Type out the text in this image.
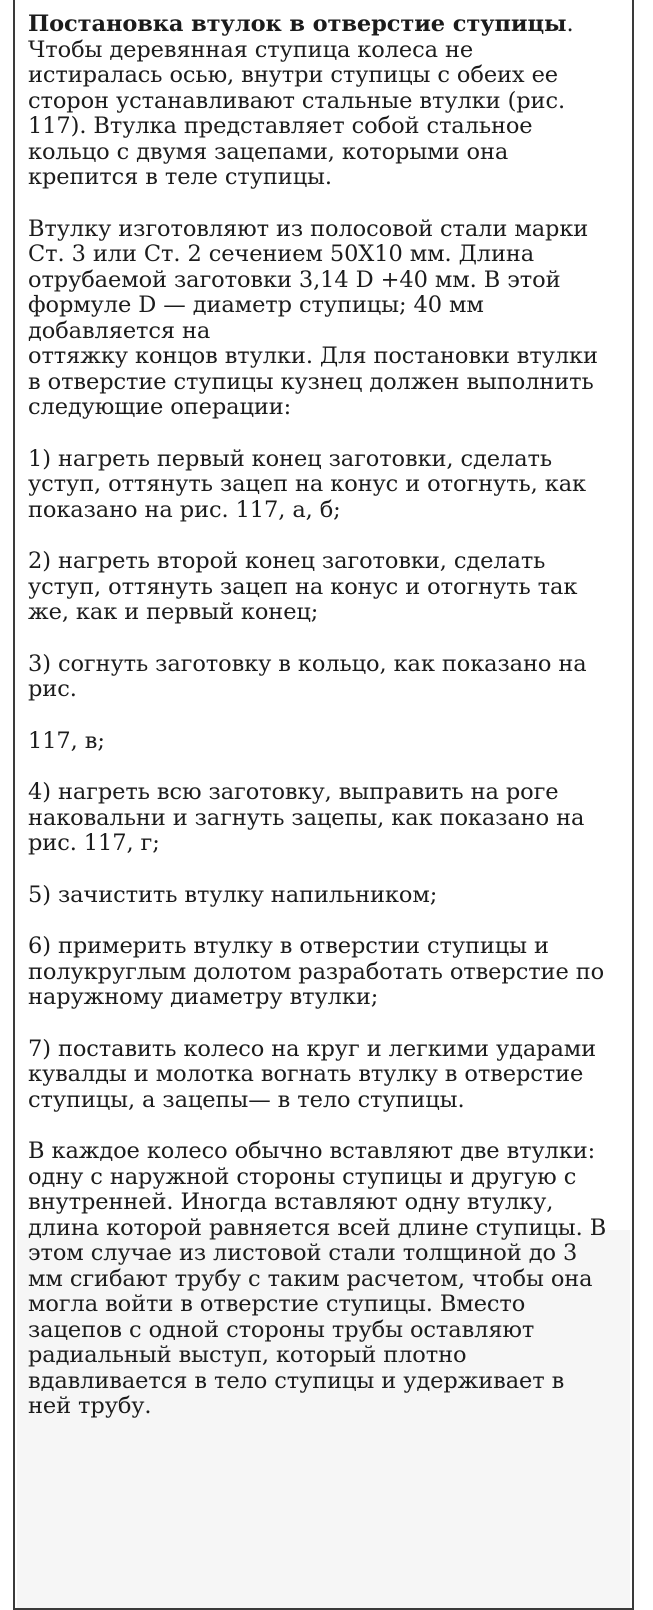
Постановка втулок в отверстие ступицы.
Чтобы деревянная ступица колеса не
истиралась осью, внутри ступицы с обеих ее
сторон устанавливают стальные втулки (рис.
117). Втулка представляет собой стальное
кольцо с двумя зацепами, которыми она
крепится в теле ступицы.
Втулку изготовляют из полосовой стали марки
Ст. 3 или Ст. 2 сечением 50Х10 мм. Длина
отрубаемой заготовки 3,14 D +40 мм. В этой
формуле D — диаметр ступицы; 40 мм
добавляется на
оттяжку концов втулки. Для постановки втулки
в отверстие ступицы кузнец должен выполнить
следующие операции:
1) нагреть первый конец заготовки, сделать
уступ, оттянуть зацеп на конус и отогнуть, как
показано на рис. 117, а, б;
2) нагреть второй конец заготовки, сделать
уступ, оттянуть зацеп на конус и отогнуть так
же, как и первый конец;
3) согнуть заготовку в кольцо, как показано на
рис.
117, в;
4) нагреть всю заготовку, выправить на роге
наковальни и загнуть зацепы, как показано на
рис. 117, г;
5) зачистить втулку напильником;
6) примерить втулку в отверстии ступицы и
полукруглым долотом разработать отверстие по
наружному диаметру втулки;
7) поставить колесо на круг и легкими ударами
кувалды и молотка вогнать втулку в отверстие
ступицы, а зацепы— в тело ступицы.
В каждое колесо обычно вставляют две втулки:
одну с наружной стороны ступицы и другую с
внутренней. Иногда вставляют одну втулку,
длина которой равняется всей длине ступицы. В
этом случае из листовой стали толщиной до 3
мм сгибают трубу с таким расчетом, чтобы она
могла войти в отверстие ступицы. Вместо
зацепов с одной стороны трубы оставляют
радиальный выступ, который плотно
вдавливается в тело ступицы и удерживает в
ней трубу.
